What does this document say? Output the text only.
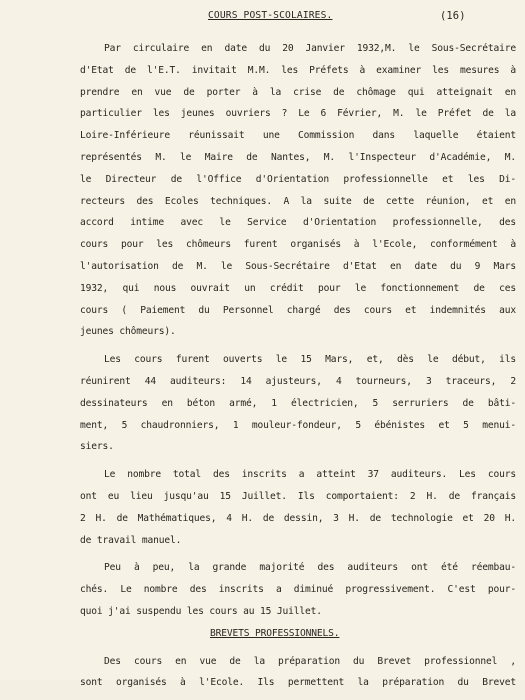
COURS POST-SCOLAIRES.	(16)
Par circulaire en date du 20 Janvier 1932,M. le Sous-Secrétaire
d'Etat de l'E.T. invitait M.M. les Préfets à examiner les mesures à
prendre en vue de porter à la crise de chômage qui atteignait en
particulier les jeunes ouvriers ? Le 6 Février, M. le Préfet de la
Loire-Inférieure réunissait une Commission dans laquelle étaient
représentés M. le Maire de Nantes, M. l'Inspecteur d'Académie, M.
le Directeur de l'Office d'Orientation professionnelle et les Di-
recteurs des Ecoles techniques. A la suite de cette réunion, et en
accord intime avec le Service d'Orientation professionnelle, des
cours pour les chômeurs furent organisés à l'Ecole, conformément à
l'autorisation de M. le Sous-Secrétaire d'Etat en date du 9 Mars
1932, qui nous ouvrait un crédit pour le fonctionnement de ces
cours ( Paiement du Personnel chargé des cours et indemnités aux
jeunes chômeurs).
Les cours furent ouverts le 15 Mars, et, dès le début, ils
réunirent 44 auditeurs: 14 ajusteurs, 4 tourneurs, 3 traceurs, 2
dessinateurs en béton armé, 1 électricien, 5 serruriers de bâti-
ment, 5 chaudronniers, 1 mouleur-fondeur, 5 ébénistes et 5 menui-
siers.
Le nombre total des inscrits a atteint 37 auditeurs. Les cours
ont eu lieu jusqu'au 15 Juillet. Ils comportaient: 2 H. de français
2 H. de Mathématiques, 4 H. de dessin, 3 H. de technologie et 20 H.
de travail manuel.
Peu à peu, la grande majorité des auditeurs ont été réembau-
chés. Le nombre des inscrits a diminué progressivement. C'est pour-
quoi j'ai suspendu les cours au 15 Juillet.
BREVETS PROFESSIONNELS.
Des cours en vue de la préparation du Brevet professionnel ,
sont organisés à l'Ecole. Ils permettent la préparation du Brevet
